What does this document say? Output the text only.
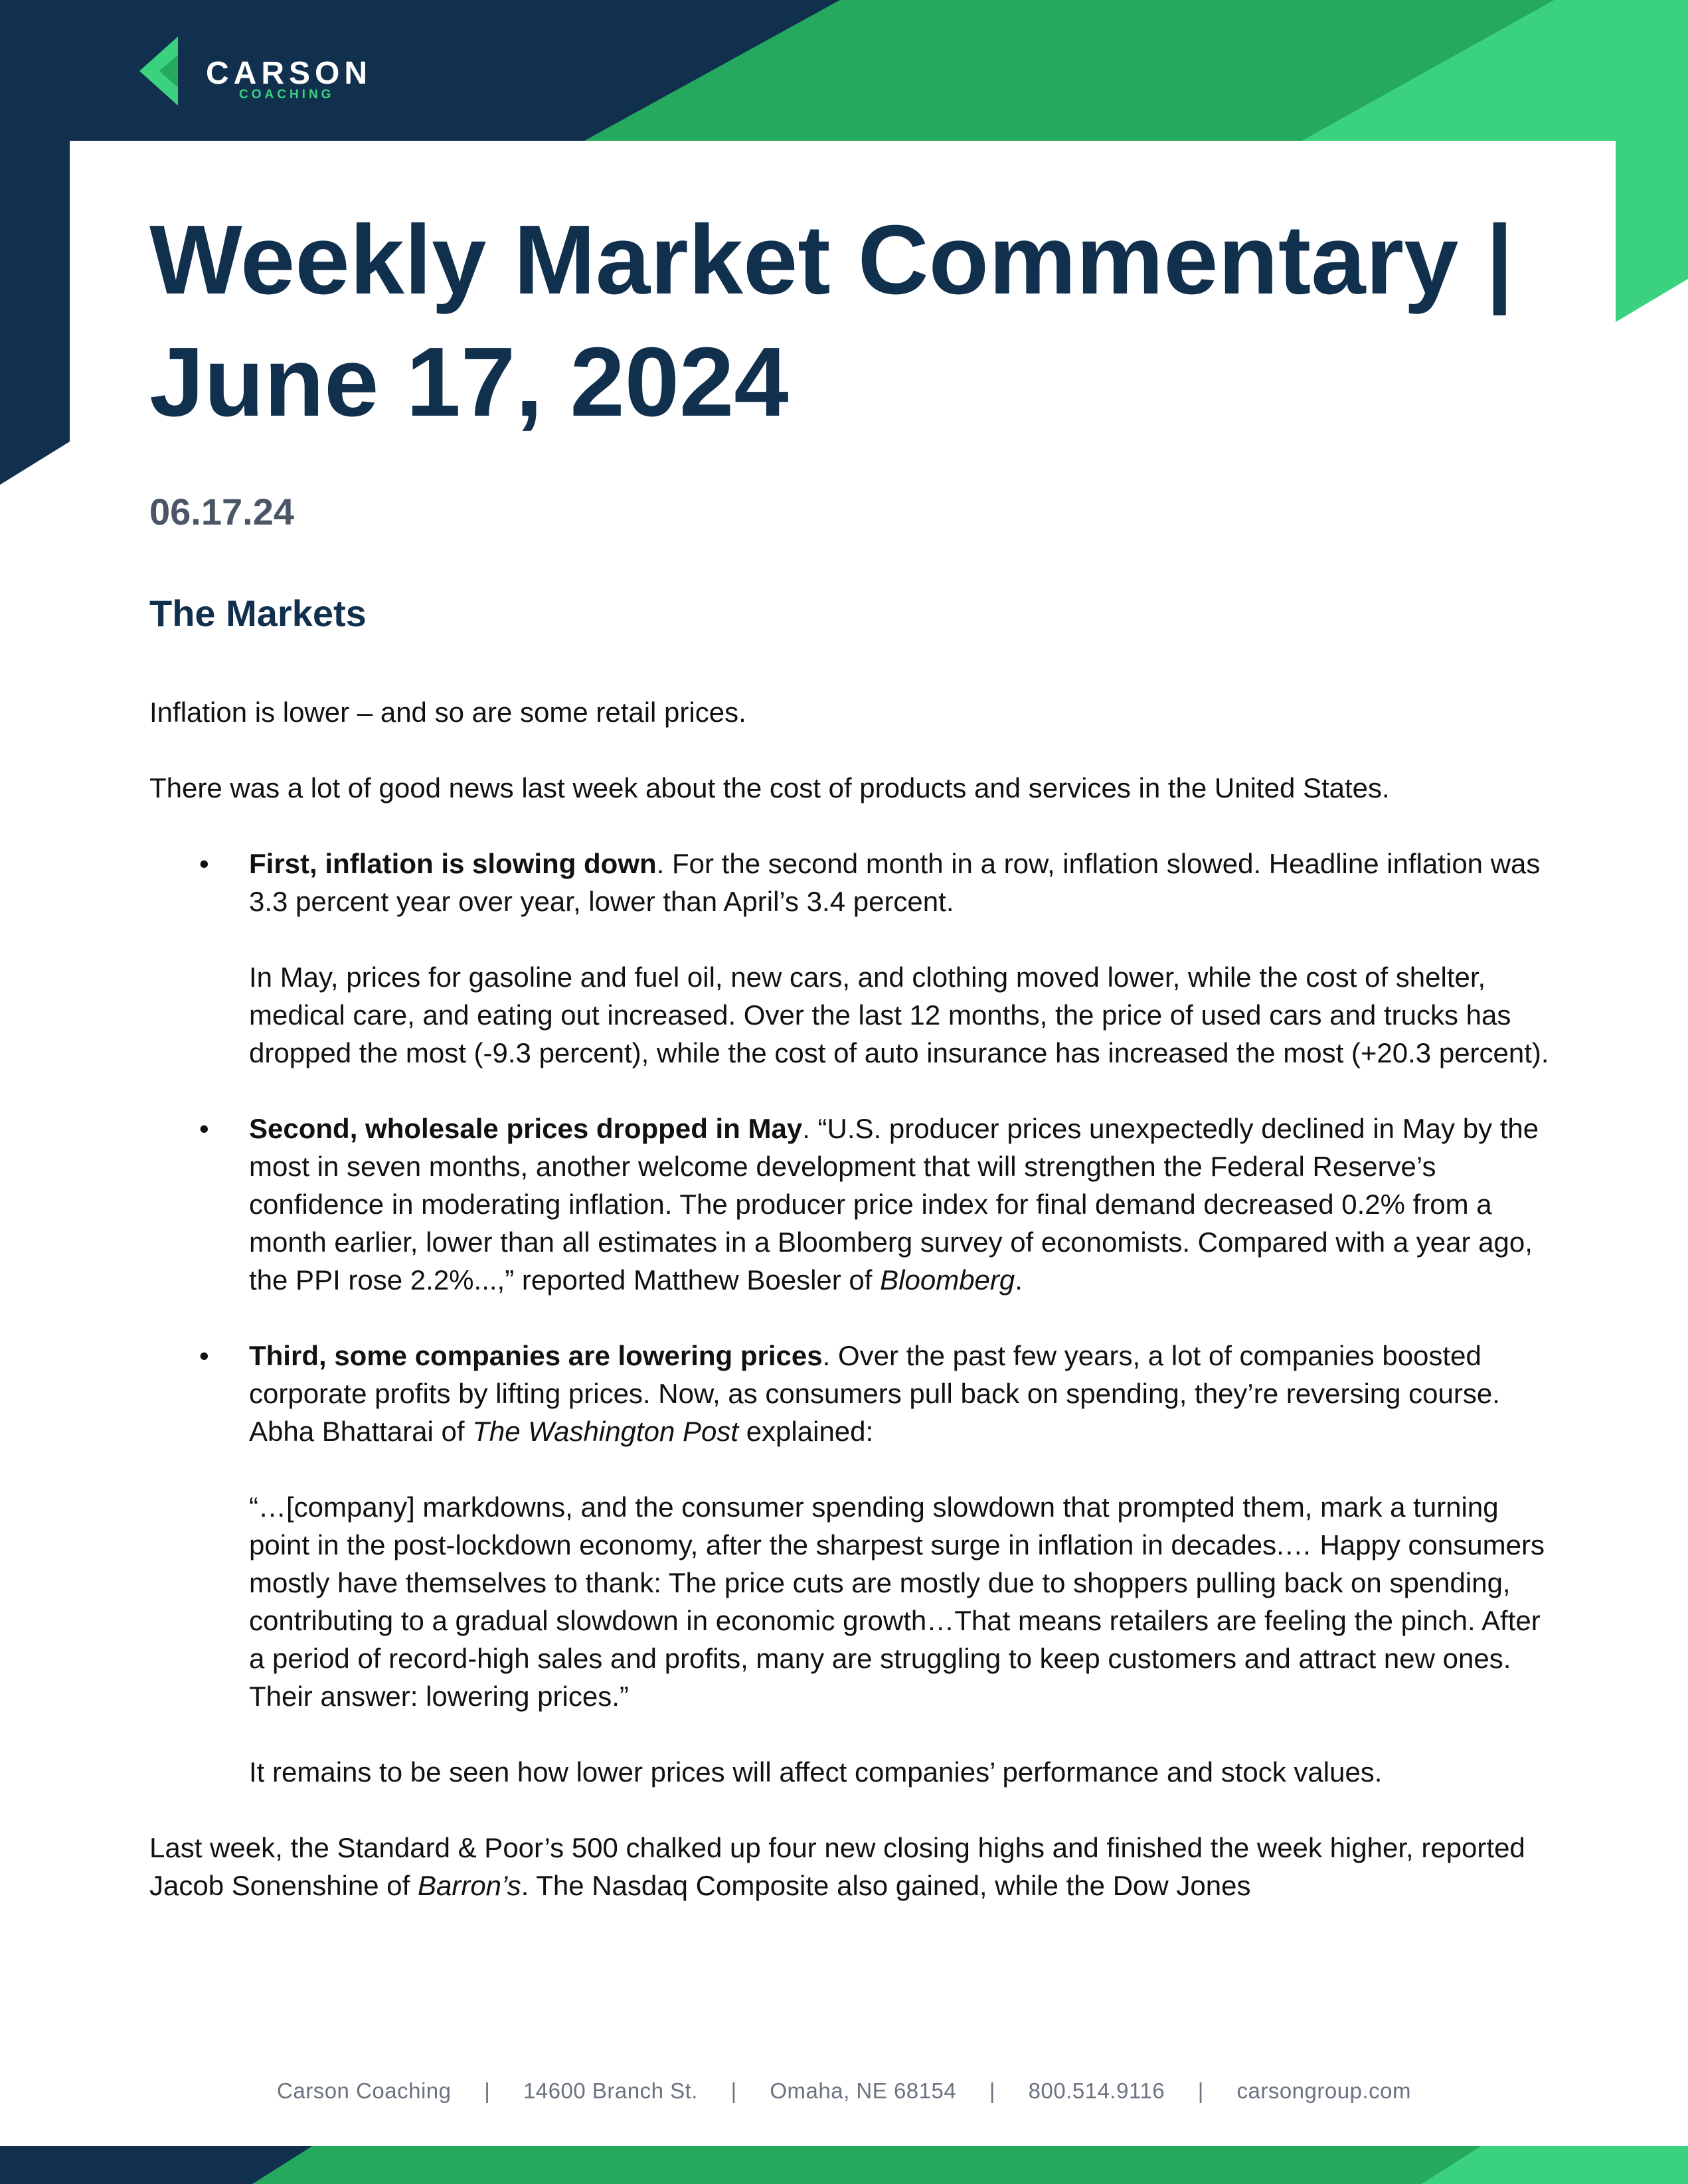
CARSON
COACHING
Weekly Market Commentary |
June 17, 2024
06.17.24
The Markets

Inflation is lower – and so are some retail prices.

There was a lot of good news last week about the cost of products and services in the United States.

• First, inflation is slowing down. For the second month in a row, inflation slowed. Headline inflation was 3.3 percent year over year, lower than April’s 3.4 percent.

In May, prices for gasoline and fuel oil, new cars, and clothing moved lower, while the cost of shelter, medical care, and eating out increased. Over the last 12 months, the price of used cars and trucks has dropped the most (-9.3 percent), while the cost of auto insurance has increased the most (+20.3 percent).

• Second, wholesale prices dropped in May. “U.S. producer prices unexpectedly declined in May by the most in seven months, another welcome development that will strengthen the Federal Reserve’s confidence in moderating inflation. The producer price index for final demand decreased 0.2% from a month earlier, lower than all estimates in a Bloomberg survey of economists. Compared with a year ago, the PPI rose 2.2%...,” reported Matthew Boesler of Bloomberg.

• Third, some companies are lowering prices. Over the past few years, a lot of companies boosted corporate profits by lifting prices. Now, as consumers pull back on spending, they’re reversing course. Abha Bhattarai of The Washington Post explained:

“…[company] markdowns, and the consumer spending slowdown that prompted them, mark a turning point in the post-lockdown economy, after the sharpest surge in inflation in decades.… Happy consumers mostly have themselves to thank: The price cuts are mostly due to shoppers pulling back on spending, contributing to a gradual slowdown in economic growth…That means retailers are feeling the pinch. After a period of record-high sales and profits, many are struggling to keep customers and attract new ones. Their answer: lowering prices.”

It remains to be seen how lower prices will affect companies’ performance and stock values.

Last week, the Standard & Poor’s 500 chalked up four new closing highs and finished the week higher, reported Jacob Sonenshine of Barron’s. The Nasdaq Composite also gained, while the Dow Jones

Carson Coaching | 14600 Branch St. | Omaha, NE 68154 | 800.514.9116 | carsongroup.com
